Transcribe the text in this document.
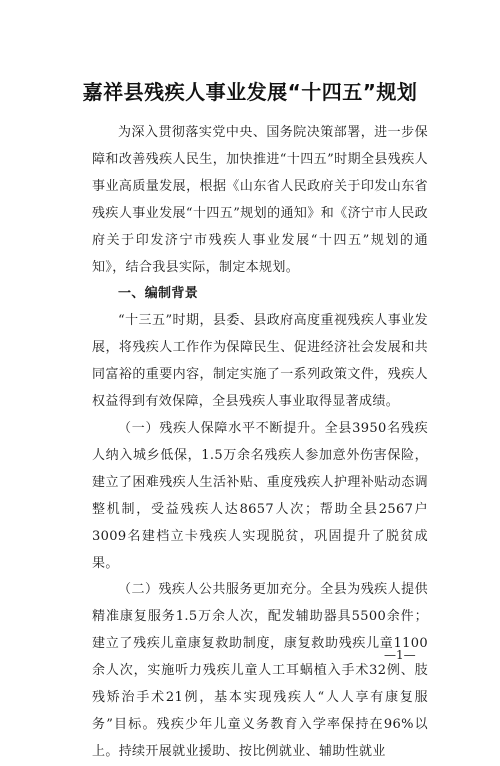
嘉祥县残疾人事业发展“十四五”规划

为深入贯彻落实党中央、国务院决策部署，进一步保障和改善残疾人民生，加快推进“十四五”时期全县残疾人事业高质量发展，根据《山东省人民政府关于印发山东省残疾人事业发展“十四五”规划的通知》和《济宁市人民政府关于印发济宁市残疾人事业发展“十四五”规划的通知》，结合我县实际，制定本规划。

一、编制背景

“十三五”时期，县委、县政府高度重视残疾人事业发展，将残疾人工作作为保障民生、促进经济社会发展和共同富裕的重要内容，制定实施了一系列政策文件，残疾人权益得到有效保障，全县残疾人事业取得显著成绩。

（一）残疾人保障水平不断提升。全县3950名残疾人纳入城乡低保，1.5万余名残疾人参加意外伤害保险，建立了困难残疾人生活补贴、重度残疾人护理补贴动态调整机制，受益残疾人达8657人次；帮助全县2567户3009名建档立卡残疾人实现脱贫，巩固提升了脱贫成果。

（二）残疾人公共服务更加充分。全县为残疾人提供精准康复服务1.5万余人次，配发辅助器具5500余件；建立了残疾儿童康复救助制度，康复救助残疾儿童1100余人次，实施听力残疾儿童人工耳蜗植入手术32例、肢残矫治手术21例，基本实现残疾人“人人享有康复服务”目标。残疾少年儿童义务教育入学率保持在96%以上。持续开展就业援助、按比例就业、辅助性就业

—1—
